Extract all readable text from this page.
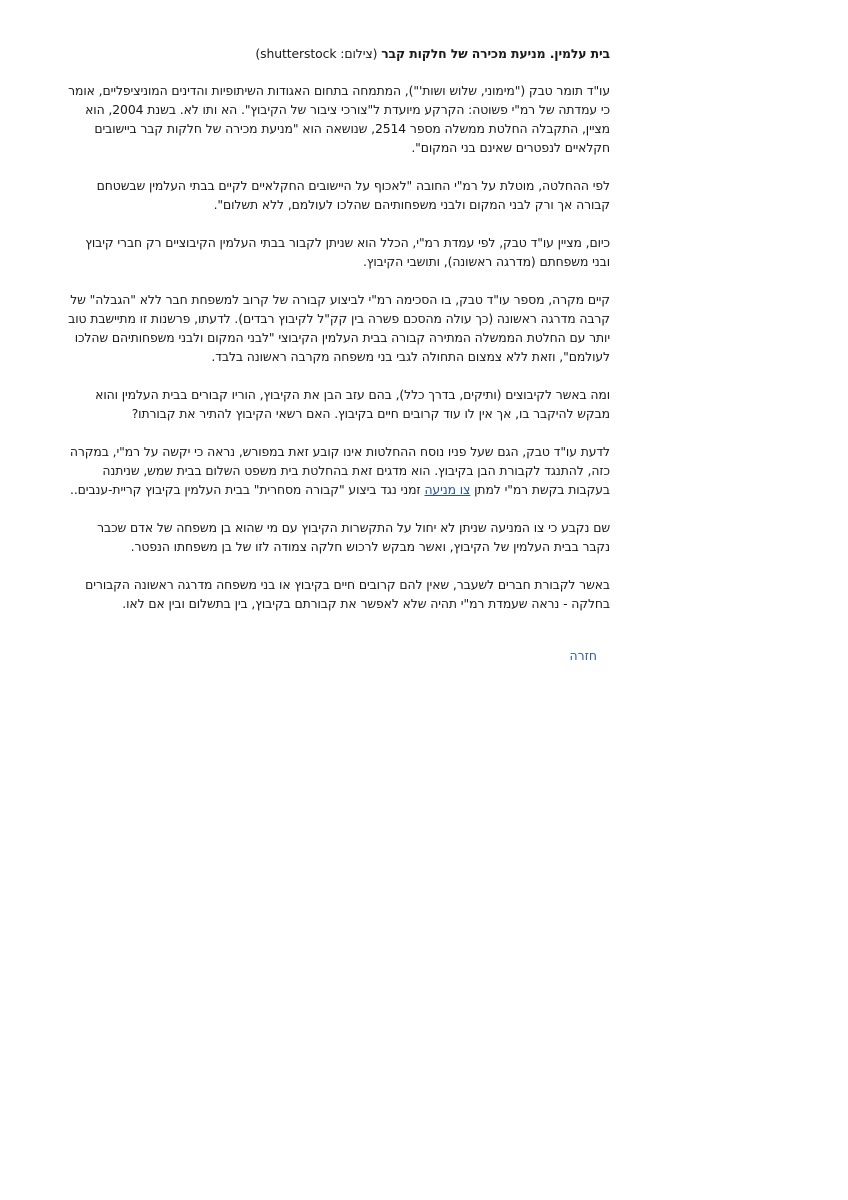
בית עלמין. מניעת מכירה של חלקות קבר (צילום: shutterstock)

עו"ד תומר טבק ("מימוני, שלוש ושות'"), המתמחה בתחום האגודות השיתופיות והדינים המוניציפליים, אומר כי עמדתה של רמ"י פשוטה: הקרקע מיועדת ל"צורכי ציבור של הקיבוץ". הא ותו לא. בשנת 2004, הוא מציין, התקבלה החלטת ממשלה מספר 2514, שנושאה הוא "מניעת מכירה של חלקות קבר ביישובים חקלאיים לנפטרים שאינם בני המקום".

לפי ההחלטה, מוטלת על רמ"י החובה "לאכוף על היישובים החקלאיים לקיים בבתי העלמין שבשטחם קבורה אך ורק לבני המקום ולבני משפחותיהם שהלכו לעולמם, ללא תשלום".

כיום, מציין עו"ד טבק, לפי עמדת רמ"י, הכלל הוא שניתן לקבור בבתי העלמין הקיבוציים רק חברי קיבוץ ובני משפחתם (מדרגה ראשונה), ותושבי הקיבוץ.

קיים מקרה, מספר עו"ד טבק, בו הסכימה רמ"י לביצוע קבורה של קרוב למשפחת חבר ללא "הגבלה" של קרבה מדרגה ראשונה (כך עולה מהסכם פשרה בין קק"ל לקיבוץ רבדים). לדעתו, פרשנות זו מתיישבת טוב יותר עם החלטת הממשלה המתירה קבורה בבית העלמין הקיבוצי "לבני המקום ולבני משפחותיהם שהלכו לעולמם", וזאת ללא צמצום התחולה לגבי בני משפחה מקרבה ראשונה בלבד.

ומה באשר לקיבוצים (ותיקים, בדרך כלל), בהם עזב הבן את הקיבוץ, הוריו קבורים בבית העלמין והוא מבקש להיקבר בו, אך אין לו עוד קרובים חיים בקיבוץ. האם רשאי הקיבוץ להתיר את קבורתו?

לדעת עו"ד טבק, הגם שעל פניו נוסח ההחלטות אינו קובע זאת במפורש, נראה כי יקשה על רמ"י, במקרה כזה, להתנגד לקבורת הבן בקיבוץ. הוא מדגים זאת בהחלטת בית משפט השלום בבית שמש, שניתנה בעקבות בקשת רמ"י למתן צו מניעה זמני נגד ביצוע "קבורה מסחרית" בבית העלמין בקיבוץ קריית-ענבים..

שם נקבע כי צו המניעה שניתן לא יחול על התקשרות הקיבוץ עם מי שהוא בן משפחה של אדם שכבר נקבר בבית העלמין של הקיבוץ, ואשר מבקש לרכוש חלקה צמודה לזו של בן משפחתו הנפטר.

באשר לקבורת חברים לשעבר, שאין להם קרובים חיים בקיבוץ או בני משפחה מדרגה ראשונה הקבורים בחלקה - נראה שעמדת רמ"י תהיה שלא לאפשר את קבורתם בקיבוץ, בין בתשלום ובין אם לאו.

חזרה
